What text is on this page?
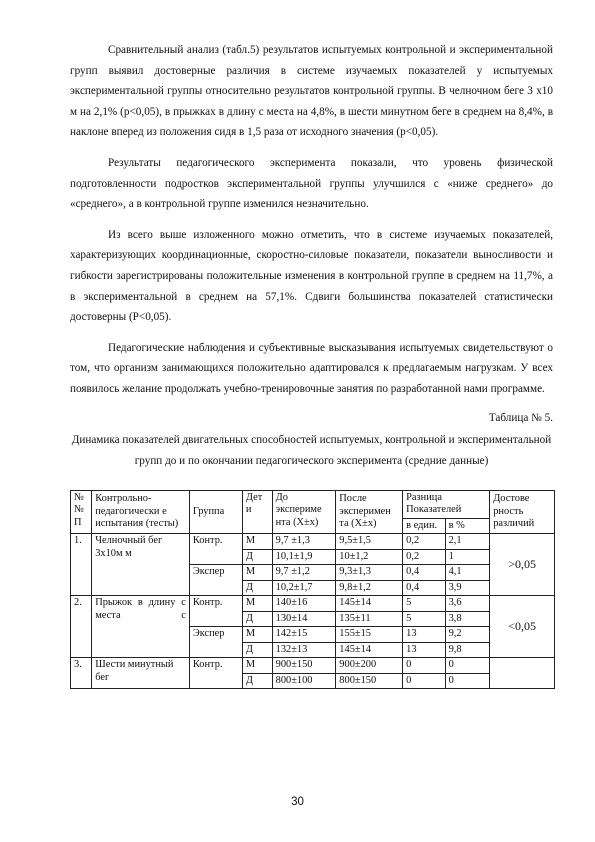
Сравнительный анализ (табл.5) результатов испытуемых контрольной и экспериментальной групп выявил достоверные различия в системе изучаемых показателей у испытуемых экспериментальной группы относительно результатов контрольной группы. В челночном беге 3 х10 м на 2,1% (р<0,05), в прыжках в длину с места на 4,8%, в шести минутном беге в среднем на 8,4%, в наклоне вперед из положения сидя в 1,5 раза от исходного значения (р<0,05).

Результаты педагогического эксперимента показали, что уровень физической подготовленности подростков экспериментальной группы улучшился с «ниже среднего» до «среднего», а в контрольной группе изменился незначительно.

Из всего выше изложенного можно отметить, что в системе изучаемых показателей, характеризующих координационные, скоростно-силовые показатели, показатели выносливости и гибкости зарегистрированы положительные изменения в контрольной группе в среднем на 11,7%, а в экспериментальной в среднем на 57,1%. Сдвиги большинства показателей статистически достоверны (Р<0,05).

Педагогические наблюдения и субъективные высказывания испытуемых свидетельствуют о том, что организм занимающихся положительно адаптировался к предлагаемым нагрузкам. У всех появилось желание продолжать учебно-тренировочные занятия по разработанной нами программе.

Таблица № 5.
Динамика показателей двигательных способностей испытуемых, контрольной и экспериментальной групп до и по окончании педагогического эксперимента (средние данные)
№ № П	Контрольно-педагогически е испытания (тесты)	Группа	Дет и	До экспериме нта (Х±х)	После эксперимен та (Х±х)	Разница Показателей		Достове рность различий
						в един.	в %	
1.	Челночный бег 3х10м м	Контр.	М	9,7 ±1,3	9,5±1,5	0,2	2,1	>0,05
			Д	10,1±1,9	10±1,2	0,2	1	
		Экспер	М	9,7 ±1,2	9,3±1,3	0,4	4,1	
			Д	10,2±1,7	9,8±1,2	0,4	3,9	
2.	Прыжок в длину с места с	Контр.	М	140±16	145±14	5	3,6	<0,05
			Д	130±14	135±11	5	3,8	
		Экспер	М	142±15	155±15	13	9,2	
			Д	132±13	145±14	13	9,8	
3.	Шести минутный бег	Контр.	М	900±150	900±200	0	0	
			Д	800±100	800±150	0	0	
30
